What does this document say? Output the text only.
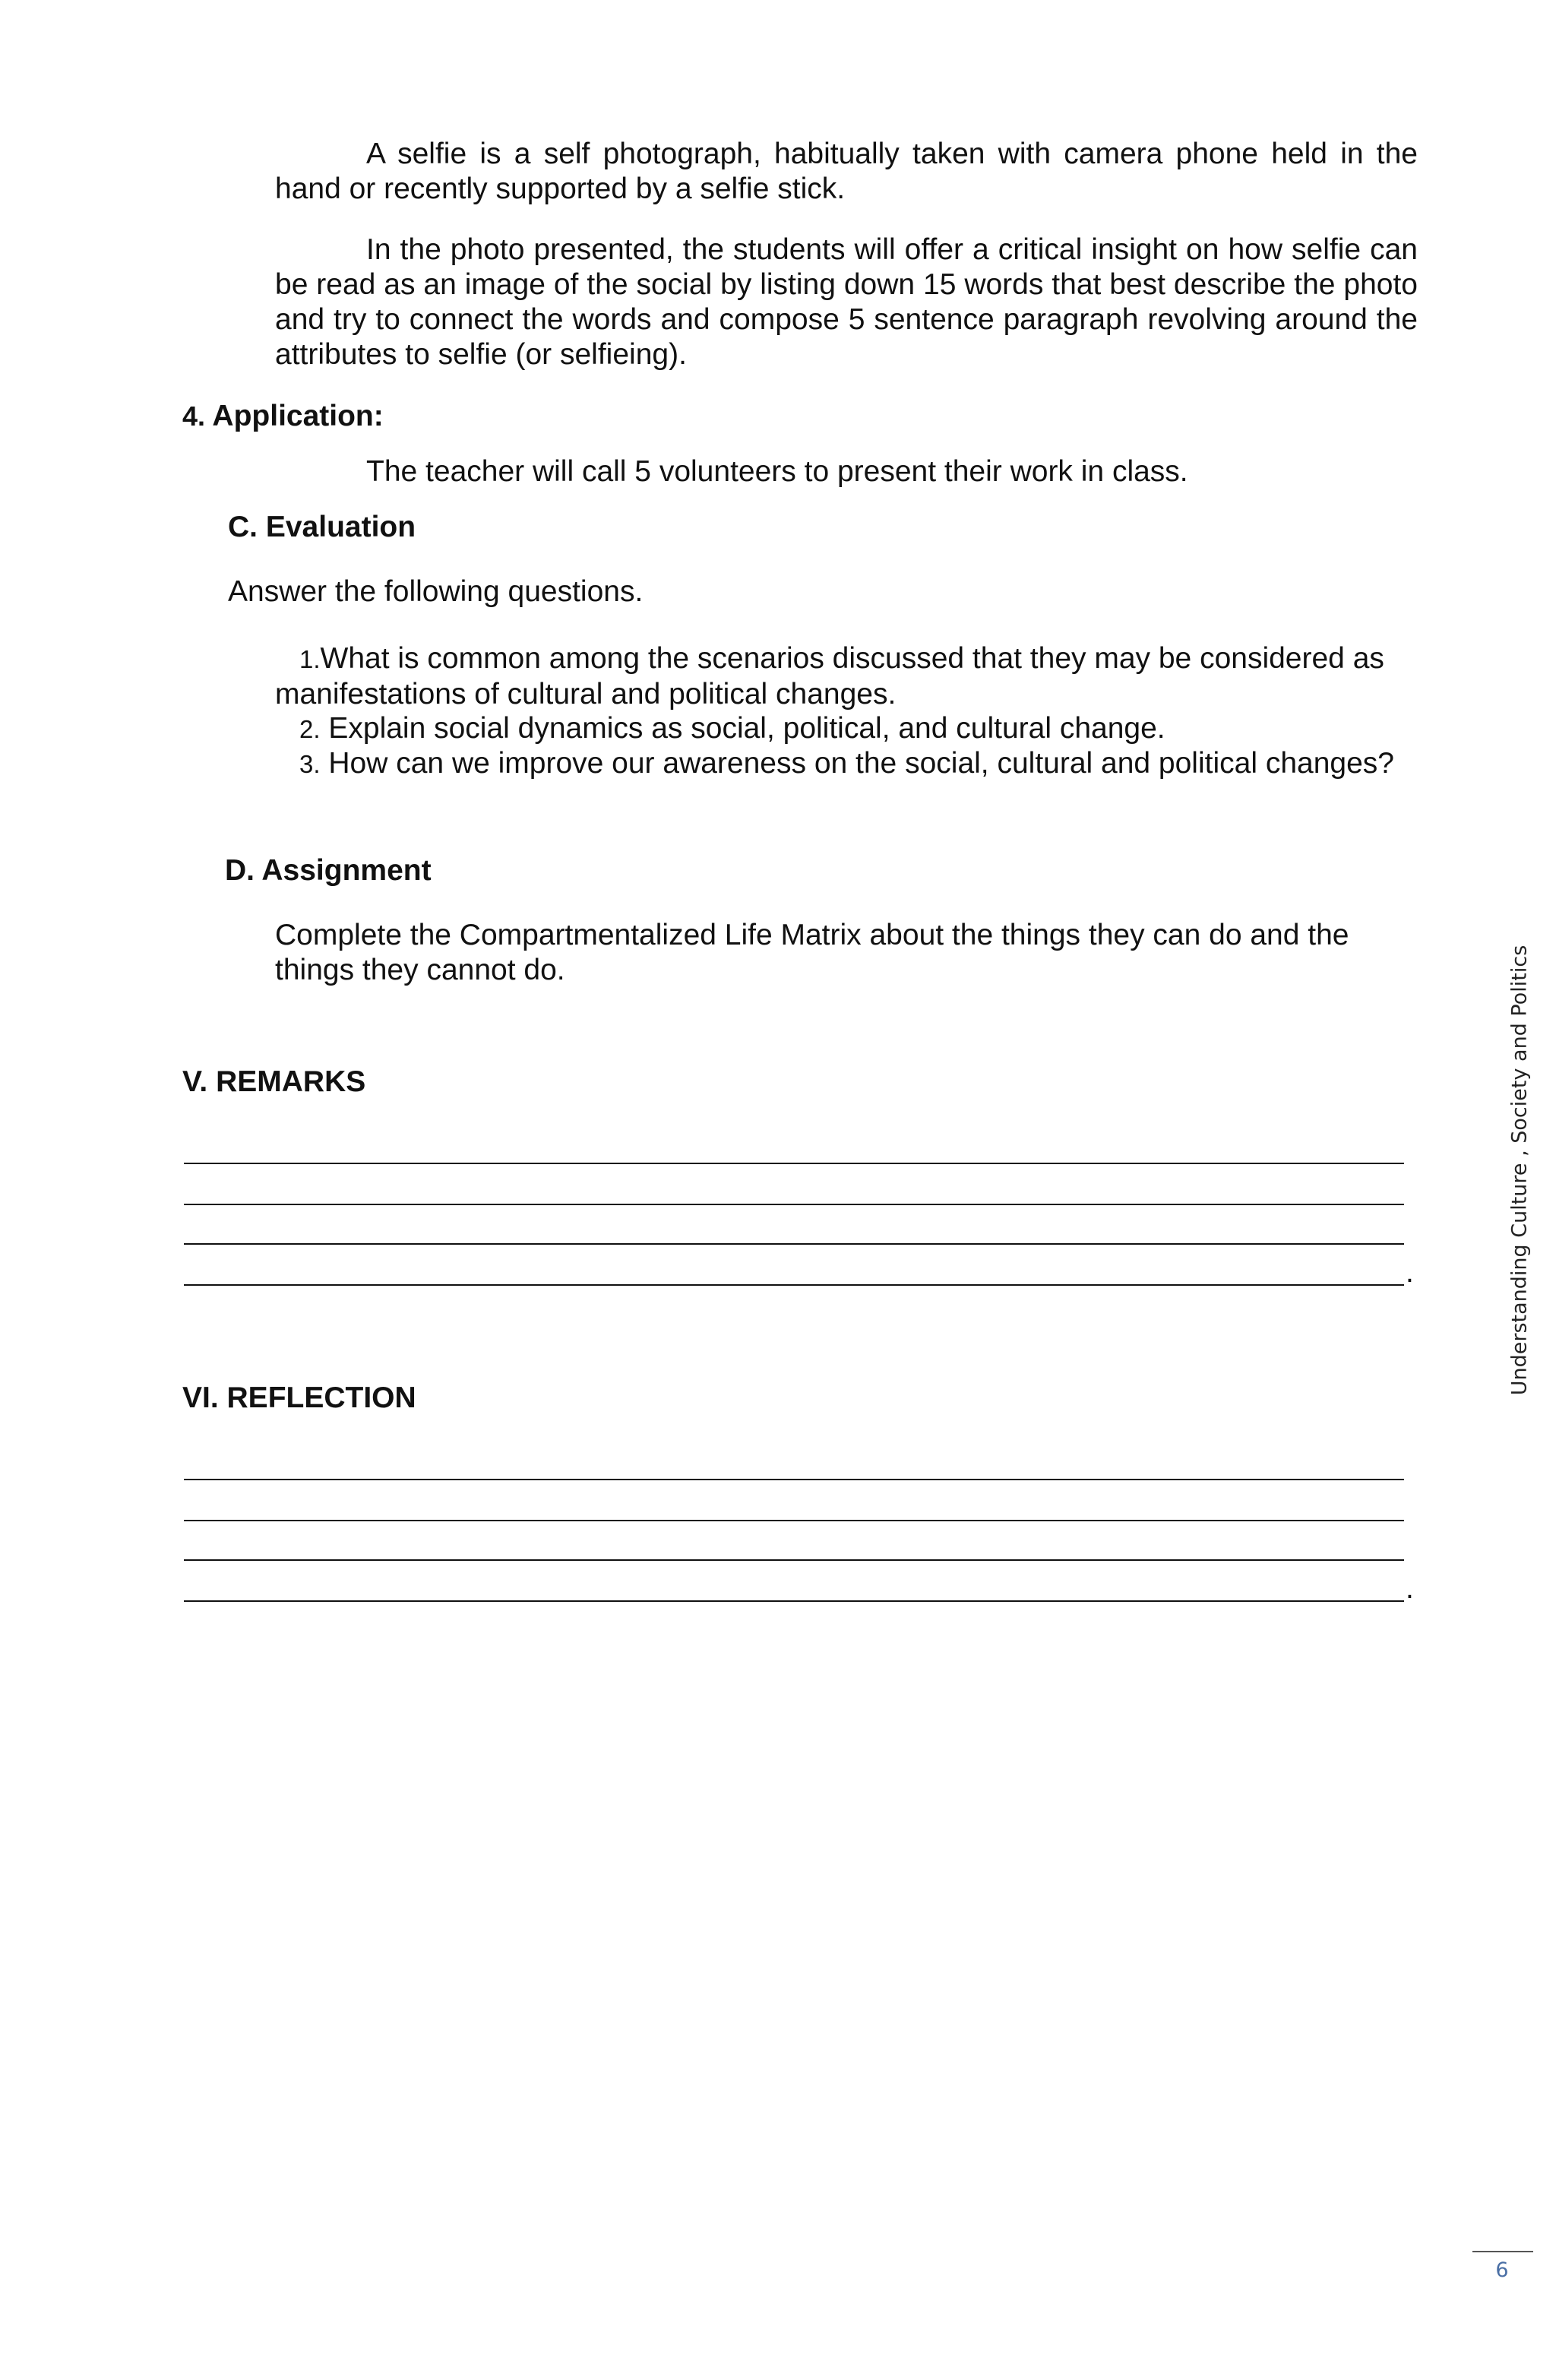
A selfie is a self photograph, habitually taken with camera phone held in the hand or recently supported by a selfie stick.

In the photo presented, the students will offer a critical insight on how selfie can be read as an image of the social by listing down 15 words that best describe the photo and try to connect the words and compose 5 sentence paragraph revolving around the attributes to selfie (or selfieing).

4. Application:

The teacher will call 5 volunteers to present their work in class.

C. Evaluation

Answer the following questions.

1.What is common among the scenarios discussed that they may be considered as manifestations of cultural and political changes.

2. Explain social dynamics as social, political, and cultural change.

3. How can we improve our awareness on the social, cultural and political changes?

D. Assignment

Complete the Compartmentalized Life Matrix about the things they can do and the things they cannot do.

V. REMARKS
.
VI. REFLECTION
.
Understanding Culture , Society and Politics
6
